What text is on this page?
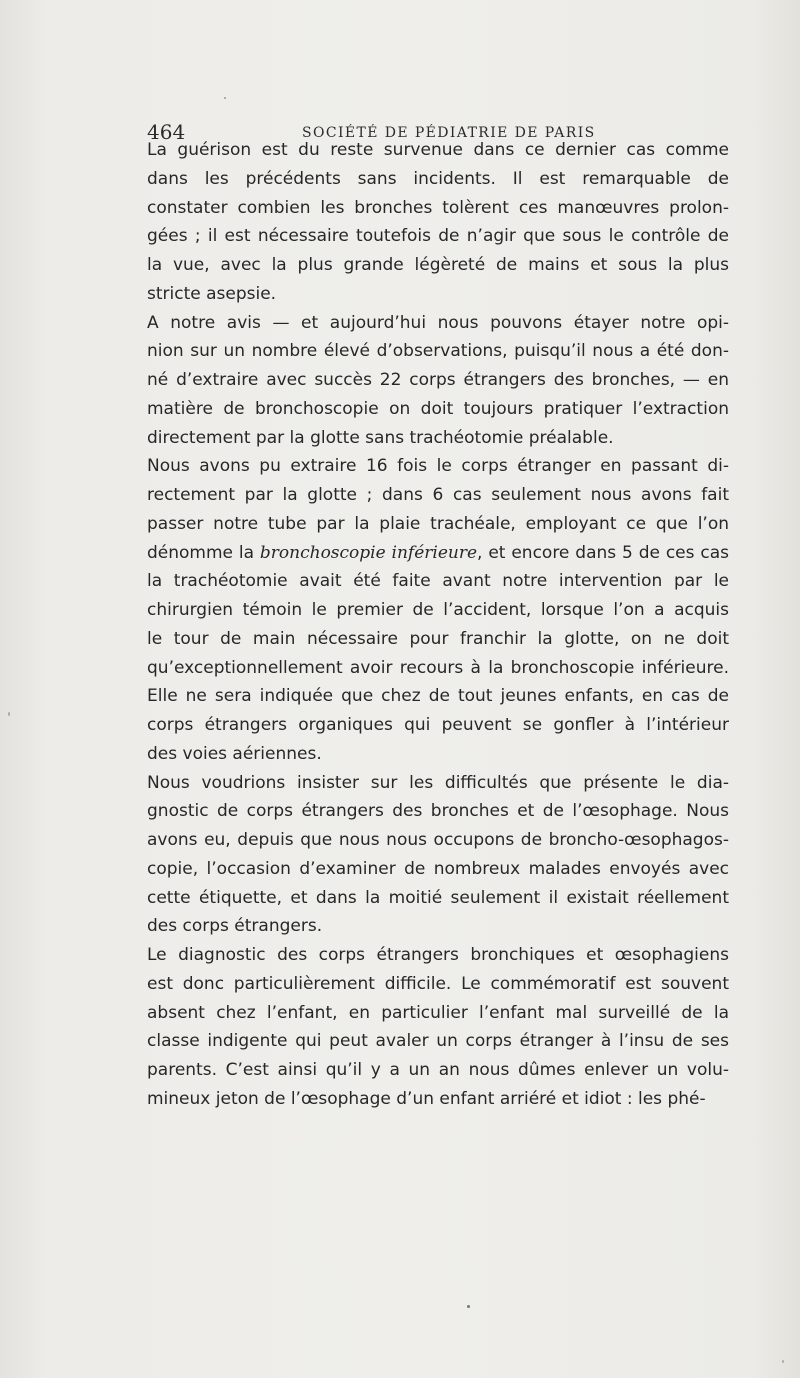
464	SOCIÉTÉ DE PÉDIATRIE DE PARIS

La guérison est du reste survenue dans ce dernier cas comme
dans les précédents sans incidents. Il est remarquable de
constater combien les bronches tolèrent ces manœuvres prolon-
gées ; il est nécessaire toutefois de n’agir que sous le contrôle de
la vue, avec la plus grande légèreté de mains et sous la plus
stricte asepsie.

A notre avis — et aujourd’hui nous pouvons étayer notre opi-
nion sur un nombre élevé d’observations, puisqu’il nous a été don-
né d’extraire avec succès 22 corps étrangers des bronches, — en
matière de bronchoscopie on doit toujours pratiquer l’extraction
directement par la glotte sans trachéotomie préalable.

Nous avons pu extraire 16 fois le corps étranger en passant di-
rectement par la glotte ; dans 6 cas seulement nous avons fait
passer notre tube par la plaie trachéale, employant ce que l’on
dénomme la bronchoscopie inférieure, et encore dans 5 de ces cas
la trachéotomie avait été faite avant notre intervention par le
chirurgien témoin le premier de l’accident, lorsque l’on a acquis
le tour de main nécessaire pour franchir la glotte, on ne doit
qu’exceptionnellement avoir recours à la bronchoscopie inférieure.
Elle ne sera indiquée que chez de tout jeunes enfants, en cas de
corps étrangers organiques qui peuvent se gonfler à l’intérieur
des voies aériennes.

Nous voudrions insister sur les difficultés que présente le dia-
gnostic de corps étrangers des bronches et de l’œsophage. Nous
avons eu, depuis que nous nous occupons de broncho-œsophagos-
copie, l’occasion d’examiner de nombreux malades envoyés avec
cette étiquette, et dans la moitié seulement il existait réellement
des corps étrangers.

Le diagnostic des corps étrangers bronchiques et œsophagiens
est donc particulièrement difficile. Le commémoratif est souvent
absent chez l’enfant, en particulier l’enfant mal surveillé de la
classe indigente qui peut avaler un corps étranger à l’insu de ses
parents. C’est ainsi qu’il y a un an nous dûmes enlever un volu-
mineux jeton de l’œsophage d’un enfant arriéré et idiot : les phé-
